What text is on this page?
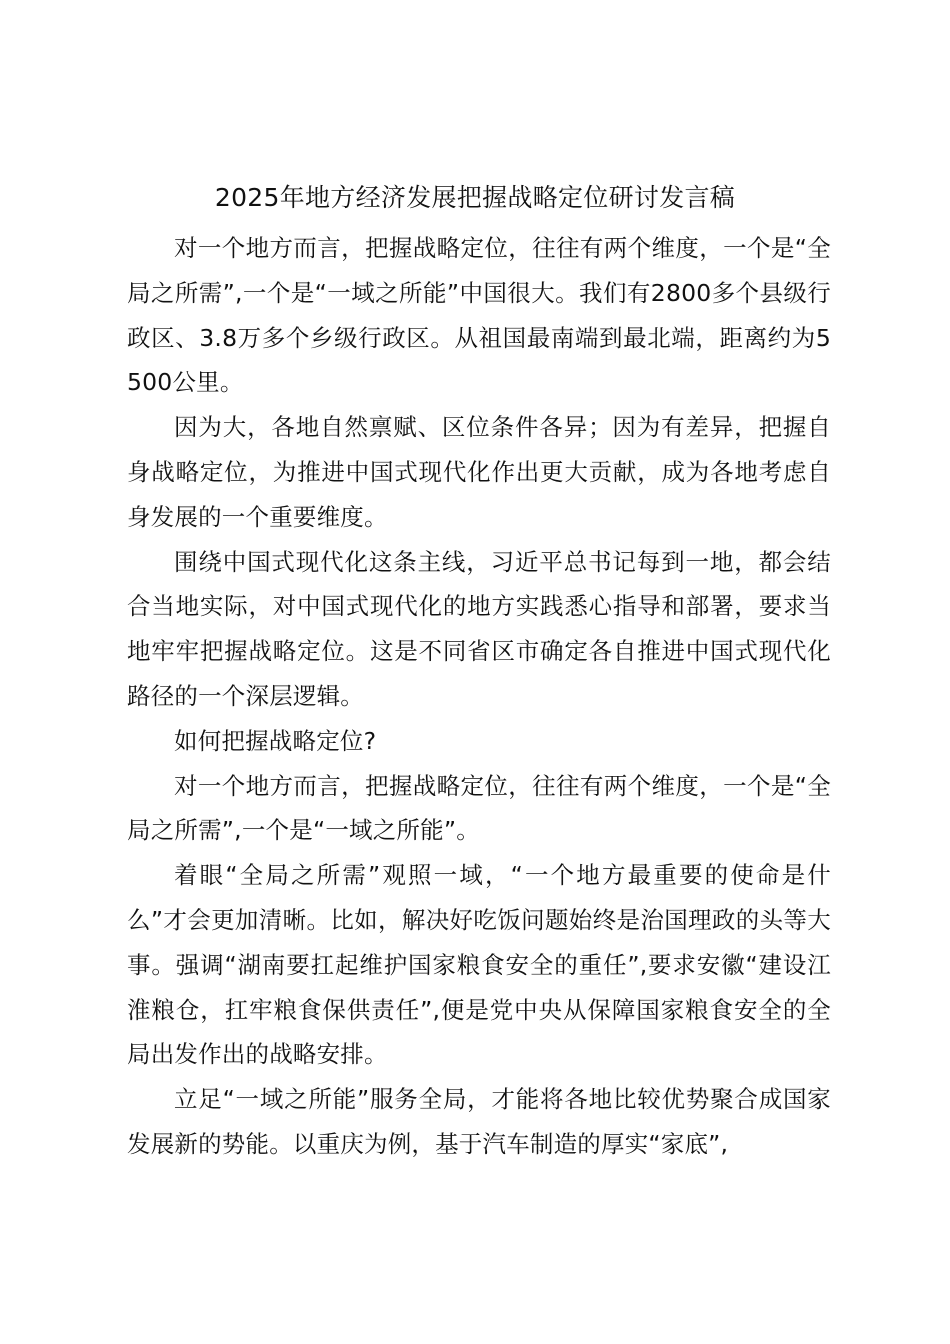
2025年地方经济发展把握战略定位研讨发言稿

对一个地方而言，把握战略定位，往往有两个维度，一个是“全局之所需”,一个是“一域之所能”中国很大。我们有2800多个县级行政区、3.8万多个乡级行政区。从祖国最南端到最北端，距离约为5500公里。

因为大，各地自然禀赋、区位条件各异；因为有差异，把握自身战略定位，为推进中国式现代化作出更大贡献，成为各地考虑自身发展的一个重要维度。

围绕中国式现代化这条主线，习近平总书记每到一地，都会结合当地实际，对中国式现代化的地方实践悉心指导和部署，要求当地牢牢把握战略定位。这是不同省区市确定各自推进中国式现代化路径的一个深层逻辑。

如何把握战略定位?

对一个地方而言，把握战略定位，往往有两个维度，一个是“全局之所需”,一个是“一域之所能”。

着眼“全局之所需”观照一域，“一个地方最重要的使命是什么”才会更加清晰。比如，解决好吃饭问题始终是治国理政的头等大事。强调“湖南要扛起维护国家粮食安全的重任”,要求安徽“建设江淮粮仓，扛牢粮食保供责任”,便是党中央从保障国家粮食安全的全局出发作出的战略安排。

立足“一域之所能”服务全局，才能将各地比较优势聚合成国家发展新的势能。以重庆为例，基于汽车制造的厚实“家底”,
